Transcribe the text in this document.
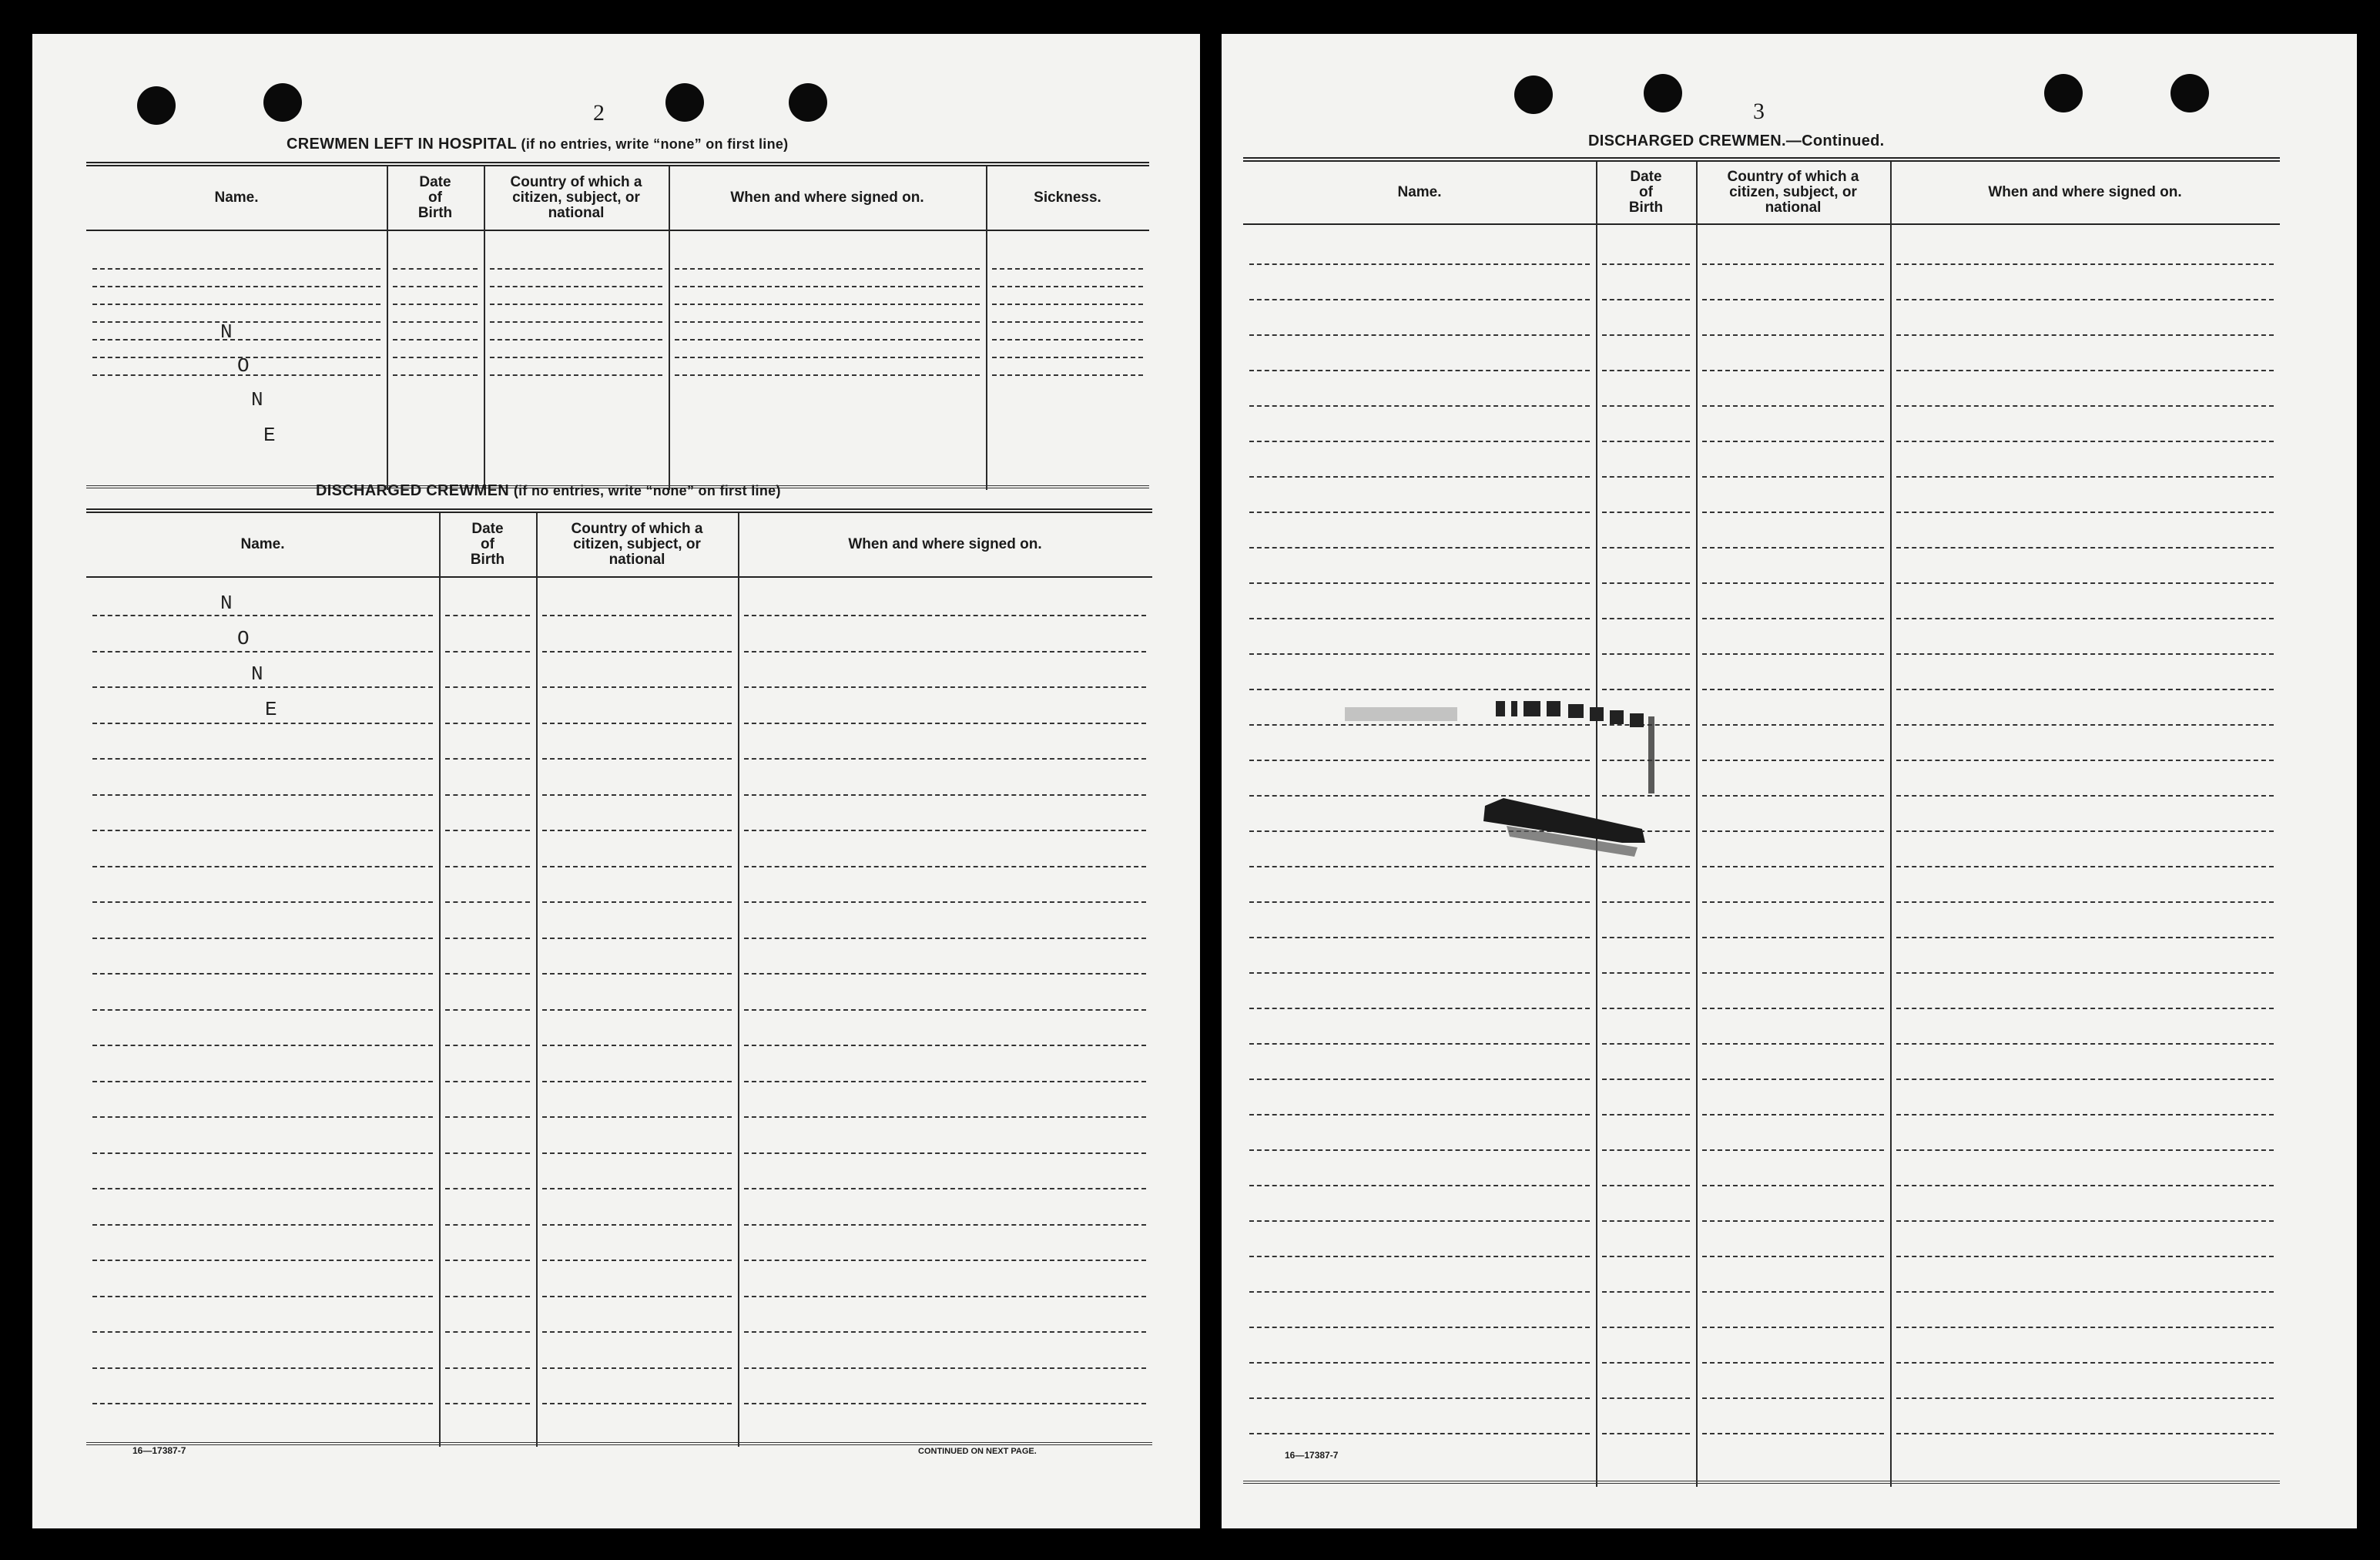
2
CREWMEN LEFT IN HOSPITAL (if no entries, write “none” on first line)
Name.
Date
of
Birth
Country of which a
citizen, subject, or
national
When and where signed on.	Sickness.
N
O
N
E
DISCHARGED CREWMEN (if no entries, write “none” on first line)
Name.
Date
of
Birth
Country of which a
citizen, subject, or
national
When and where signed on.
N
O
N
E
16—17387-7	CONTINUED ON NEXT PAGE.
3
DISCHARGED CREWMEN.—Continued.
Name.
Date
of
Birth
Country of which a
citizen, subject, or
national
When and where signed on.
16—17387-7
